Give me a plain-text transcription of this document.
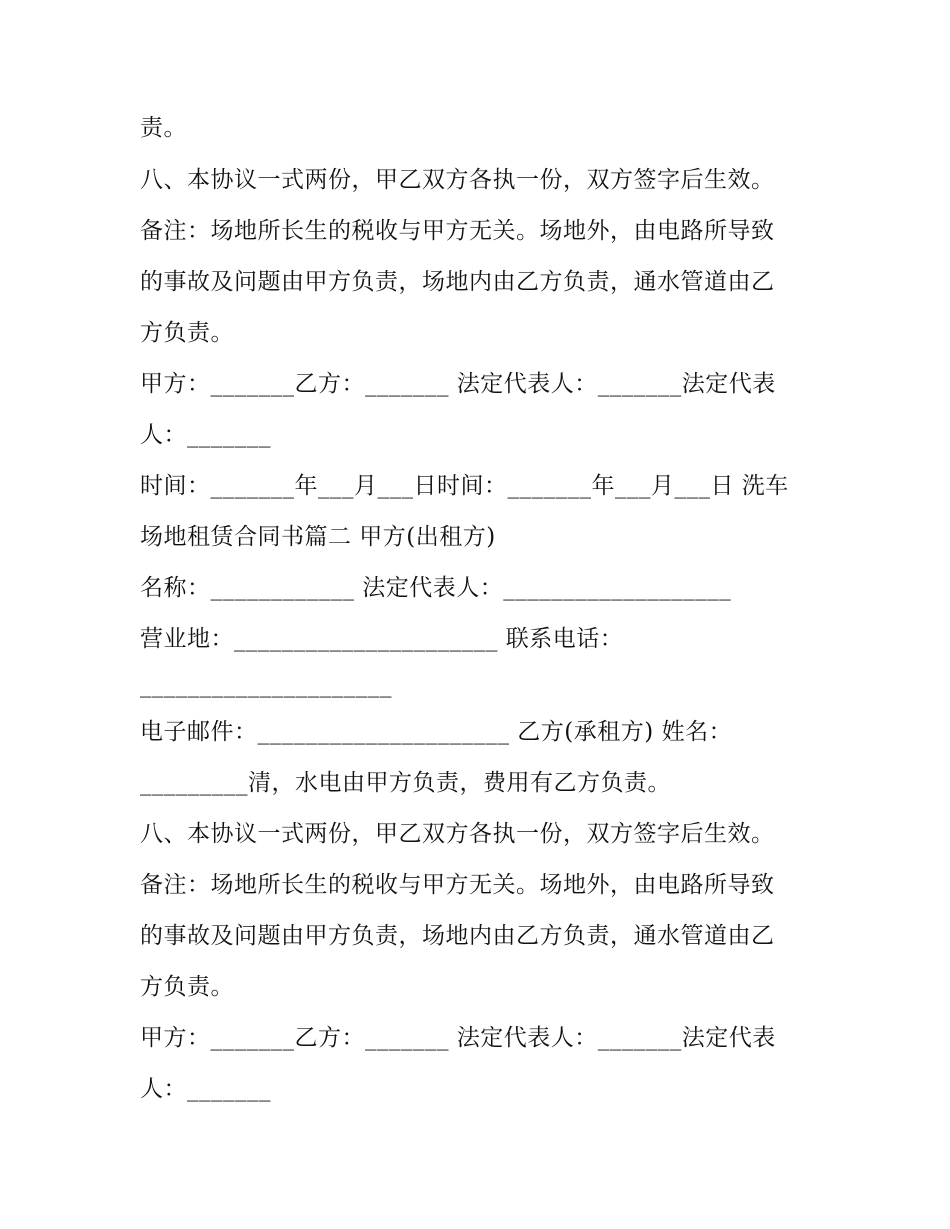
责。
八、本协议一式两份，甲乙双方各执一份，双方签字后生效。
备注：场地所长生的税收与甲方无关。场地外，由电路所导致
的事故及问题由甲方负责，场地内由乙方负责，通水管道由乙
方负责。
甲方：_______乙方：_______ 法定代表人：_______法定代表
人：_______
时间：_______年___月___日时间：_______年___月___日 洗车
场地租赁合同书篇二 甲方(出租方)
名称：____________ 法定代表人：___________________
营业地：______________________ 联系电话：
_____________________
电子邮件：_____________________ 乙方(承租方) 姓名：
_________清，水电由甲方负责，费用有乙方负责。
八、本协议一式两份，甲乙双方各执一份，双方签字后生效。
备注：场地所长生的税收与甲方无关。场地外，由电路所导致
的事故及问题由甲方负责，场地内由乙方负责，通水管道由乙
方负责。
甲方：_______乙方：_______ 法定代表人：_______法定代表
人：_______
